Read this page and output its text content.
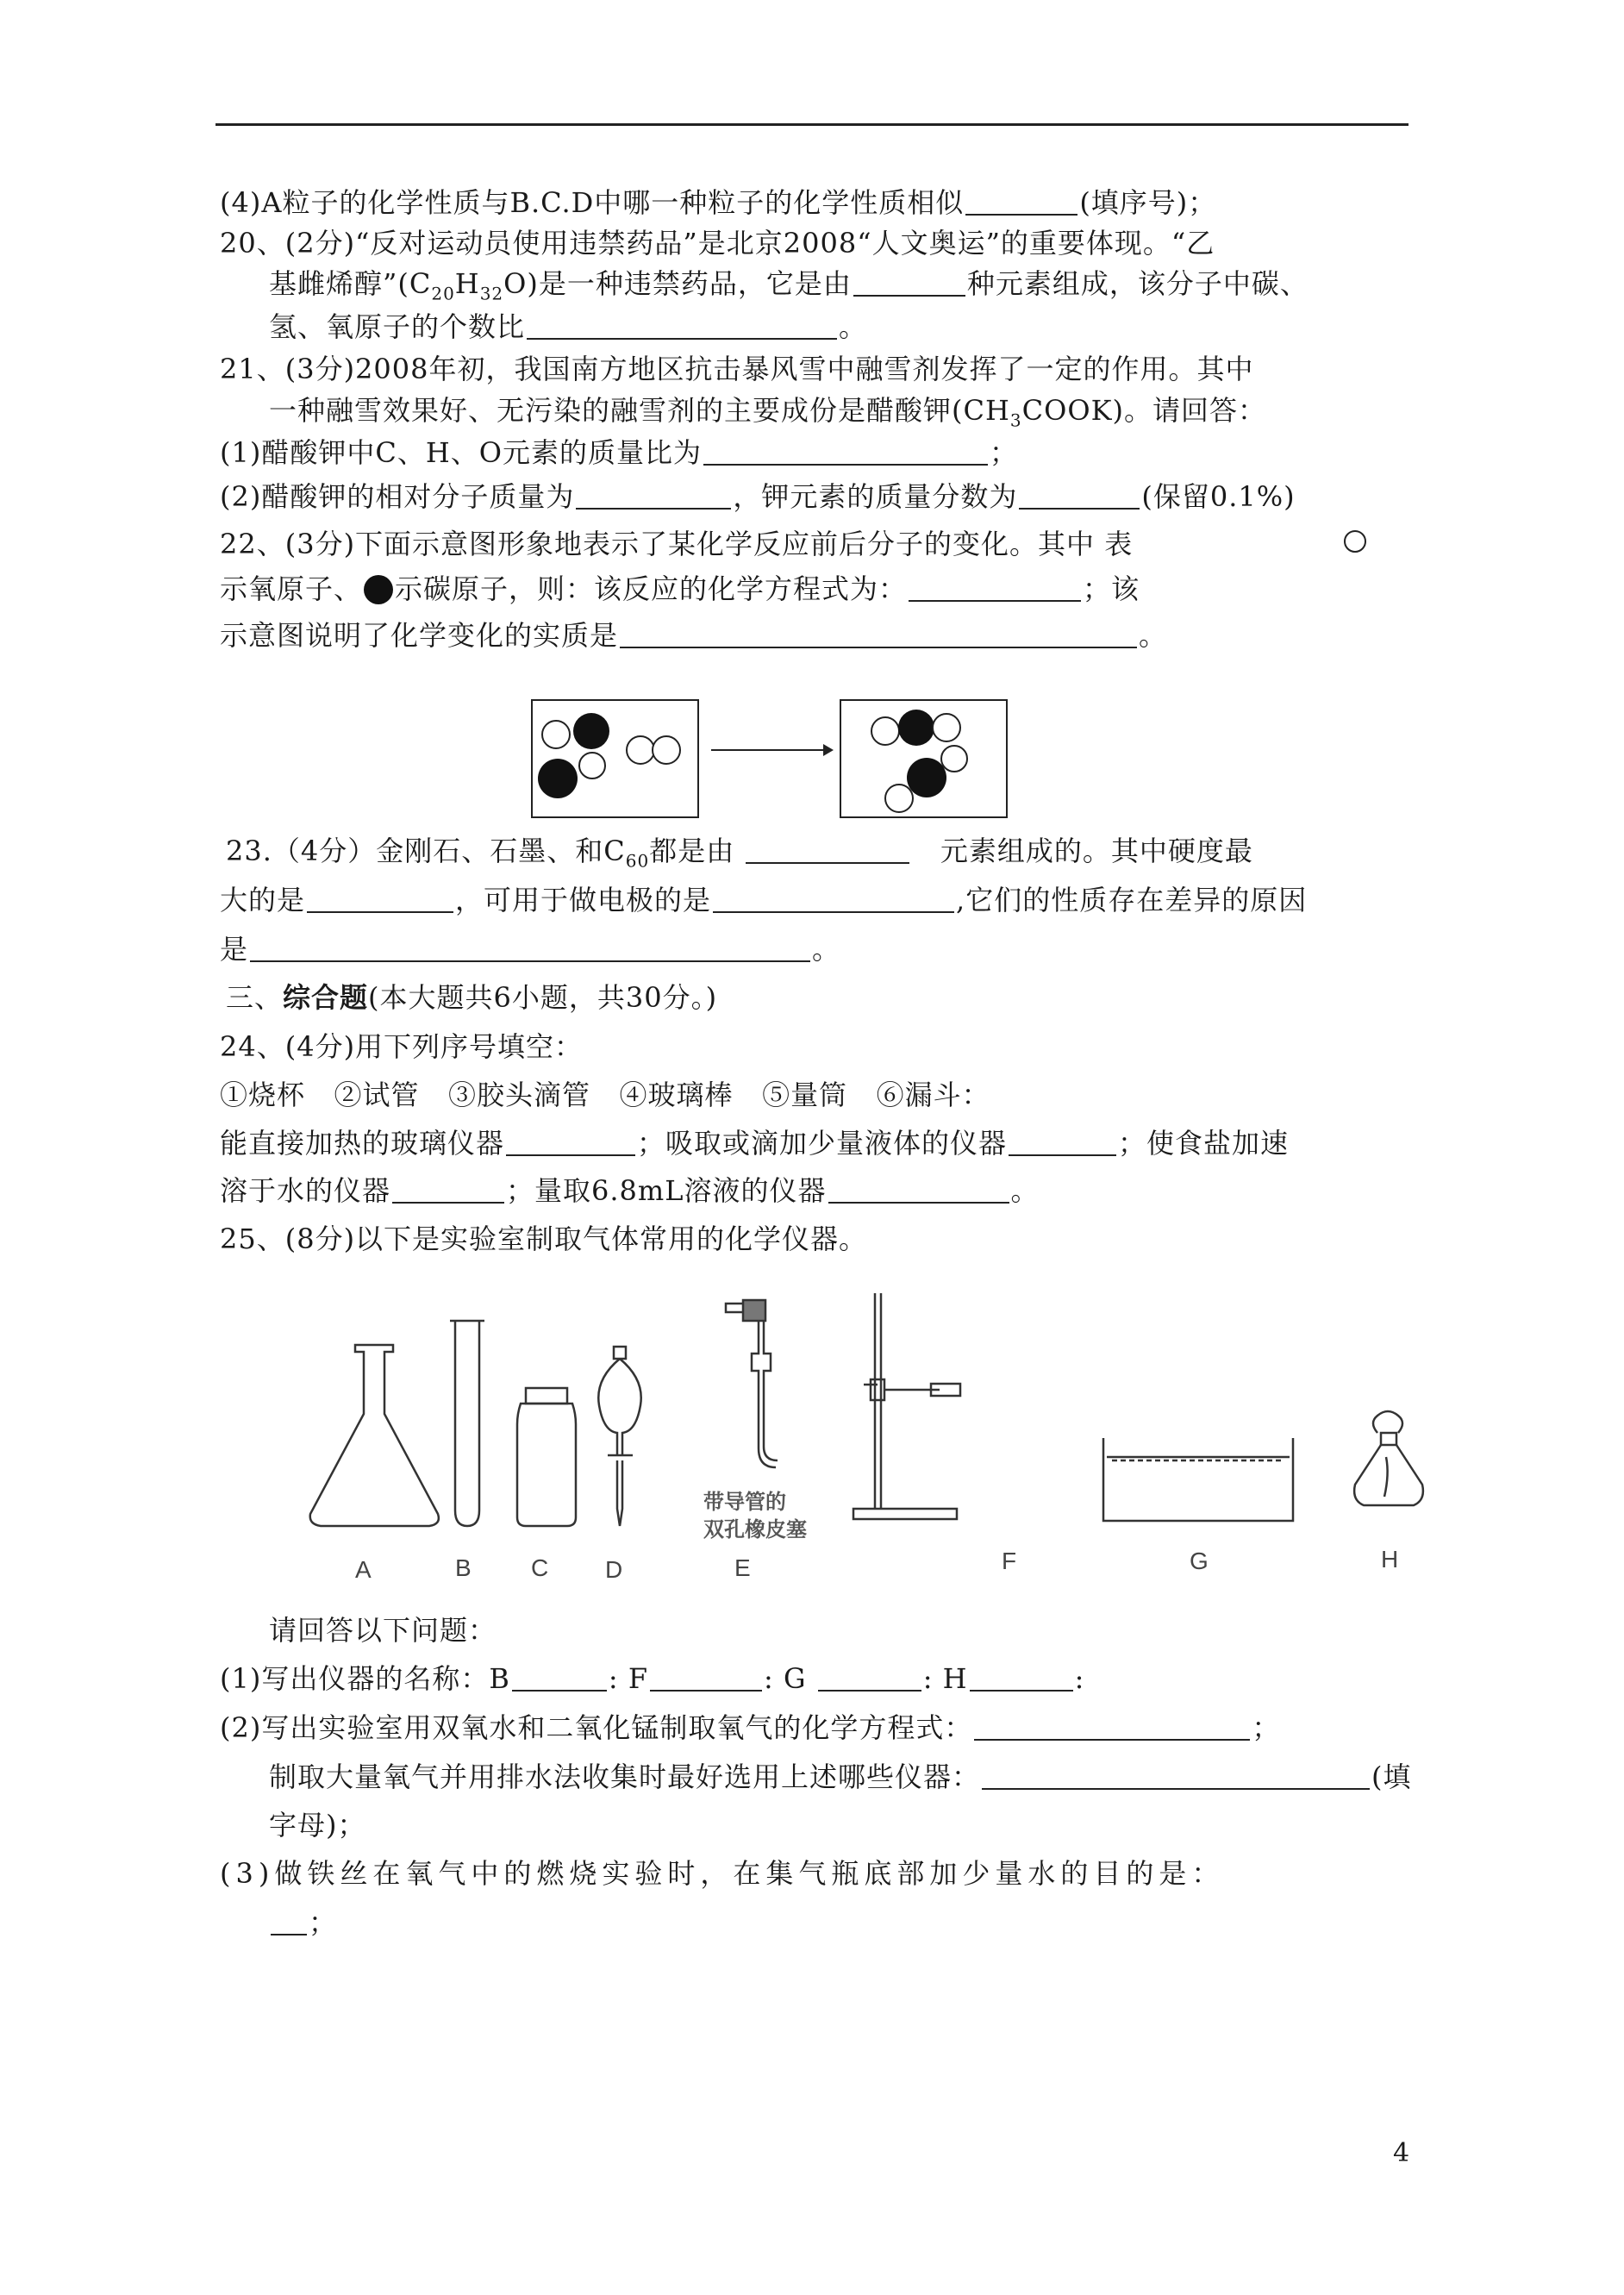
(4)A粒子的化学性质与B.C.D中哪一种粒子的化学性质相似	(填序号)；
20、(2分)“反对运动员使用违禁药品”是北京2008“人文奥运”的重要体现。“乙
基雌烯醇$”(C_{20}H_{32}O)$是一种违禁药品，它是由	种元素组成，该分子中碳、
氢、氧原子的个数比	。
21、(3分)2008年初，我国南方地区抗击暴风雪中融雪剂发挥了一定的作用。其中
一种融雪效果好、无污染的融雪剂的主要成份是醋酸钾$(CH_3COOK)$。请回答：
(1)醋酸钾中C、H、O元素的质量比为	；
(2)醋酸钾的相对分子质量为	，钾元素的质量分数为	(保留0.1%)
22、(3分)下面示意图形象地表示了某化学反应前后分子的变化。其中 表
示氧原子、 示碳原子，则：该反应的化学方程式为：	；该
示意图说明了化学变化的实质是	。
23.（4分）金刚石、石墨、和$C_{60}$都是由	元素组成的。其中硬度最
大的是	，可用于做电极的是	,它们的性质存在差异的原因
是	。
三、综合题(本大题共6小题，共30分。)
24、(4分)用下列序号填空：
①烧杯   ②试管   ③胶头滴管   ④玻璃棒   ⑤量筒   ⑥漏斗：
能直接加热的玻璃仪器	；吸取或滴加少量液体的仪器	；使食盐加速
溶于水的仪器	；量取6.8mL溶液的仪器	。
25、(8分)以下是实验室制取气体常用的化学仪器。
A	B C D	E	F	G	H
带导管的
双孔橡皮塞
请回答以下问题：
(1)写出仪器的名称：B	: F	: G	: H	:
(2)写出实验室用双氧水和二氧化锰制取氧气的化学方程式：	；
制取大量氧气并用排水法收集时最好选用上述哪些仪器：	(填
字母)；
(3)做铁丝在氧气中的燃烧实验时，在集气瓶底部加少量水的目的是：
；
4
